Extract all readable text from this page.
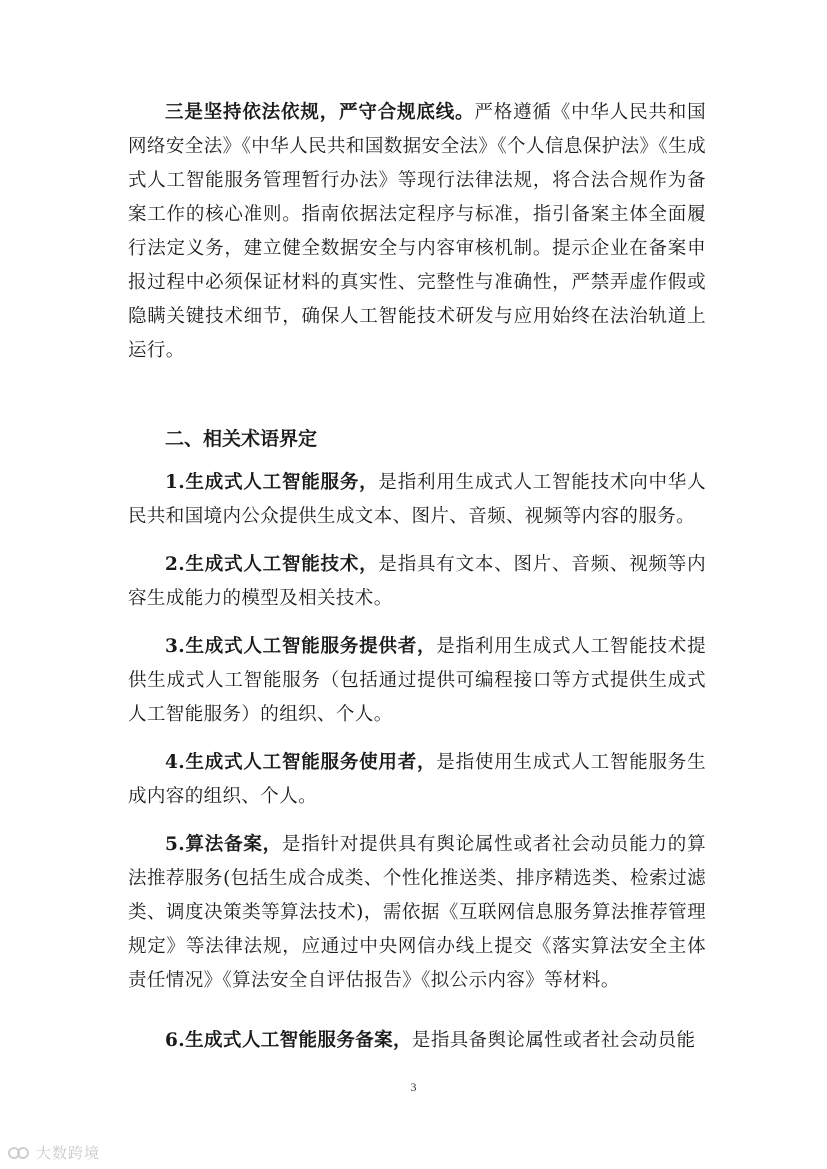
三是坚持依法依规，严守合规底线。严格遵循《中华人民共和国网络安全法》《中华人民共和国数据安全法》《个人信息保护法》《生成式人工智能服务管理暂行办法》等现行法律法规，将合法合规作为备案工作的核心准则。指南依据法定程序与标准，指引备案主体全面履行法定义务，建立健全数据安全与内容审核机制。提示企业在备案申报过程中必须保证材料的真实性、完整性与准确性，严禁弄虚作假或隐瞒关键技术细节，确保人工智能技术研发与应用始终在法治轨道上运行。

二、相关术语界定

1.生成式人工智能服务，是指利用生成式人工智能技术向中华人民共和国境内公众提供生成文本、图片、音频、视频等内容的服务。

2.生成式人工智能技术，是指具有文本、图片、音频、视频等内容生成能力的模型及相关技术。

3.生成式人工智能服务提供者，是指利用生成式人工智能技术提供生成式人工智能服务（包括通过提供可编程接口等方式提供生成式人工智能服务）的组织、个人。

4.生成式人工智能服务使用者，是指使用生成式人工智能服务生成内容的组织、个人。

5.算法备案，是指针对提供具有舆论属性或者社会动员能力的算法推荐服务(包括生成合成类、个性化推送类、排序精选类、检索过滤类、调度决策类等算法技术)，需依据《互联网信息服务算法推荐管理规定》等法律法规，应通过中央网信办线上提交《落实算法安全主体责任情况》《算法安全自评估报告》《拟公示内容》等材料。

6.生成式人工智能服务备案，是指具备舆论属性或者社会动员能

3
大数跨境
